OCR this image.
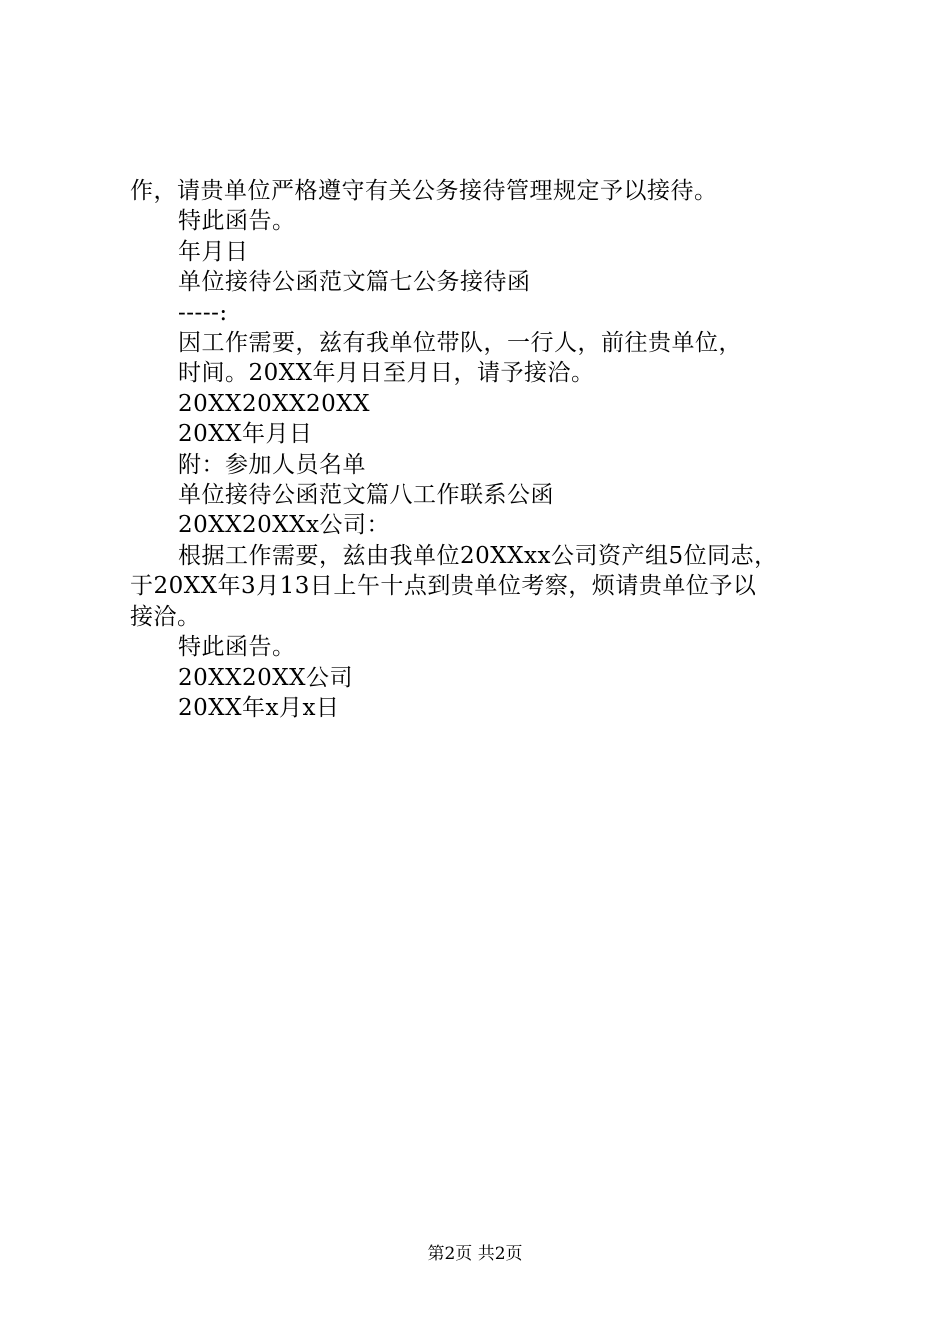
作，请贵单位严格遵守有关公务接待管理规定予以接待。
特此函告。
年月日
单位接待公函范文篇七公务接待函
-----:
因工作需要，兹有我单位带队，一行人，前往贵单位，
时间。20XX年月日至月日，请予接洽。
20XX20XX20XX
20XX年月日
附：参加人员名单
单位接待公函范文篇八工作联系公函
20XX20XXx公司：
根据工作需要，兹由我单位20XXxx公司资产组5位同志，
于20XX年3月13日上午十点到贵单位考察，烦请贵单位予以
接洽。
特此函告。
20XX20XX公司
20XX年x月x日
第2页 共2页
